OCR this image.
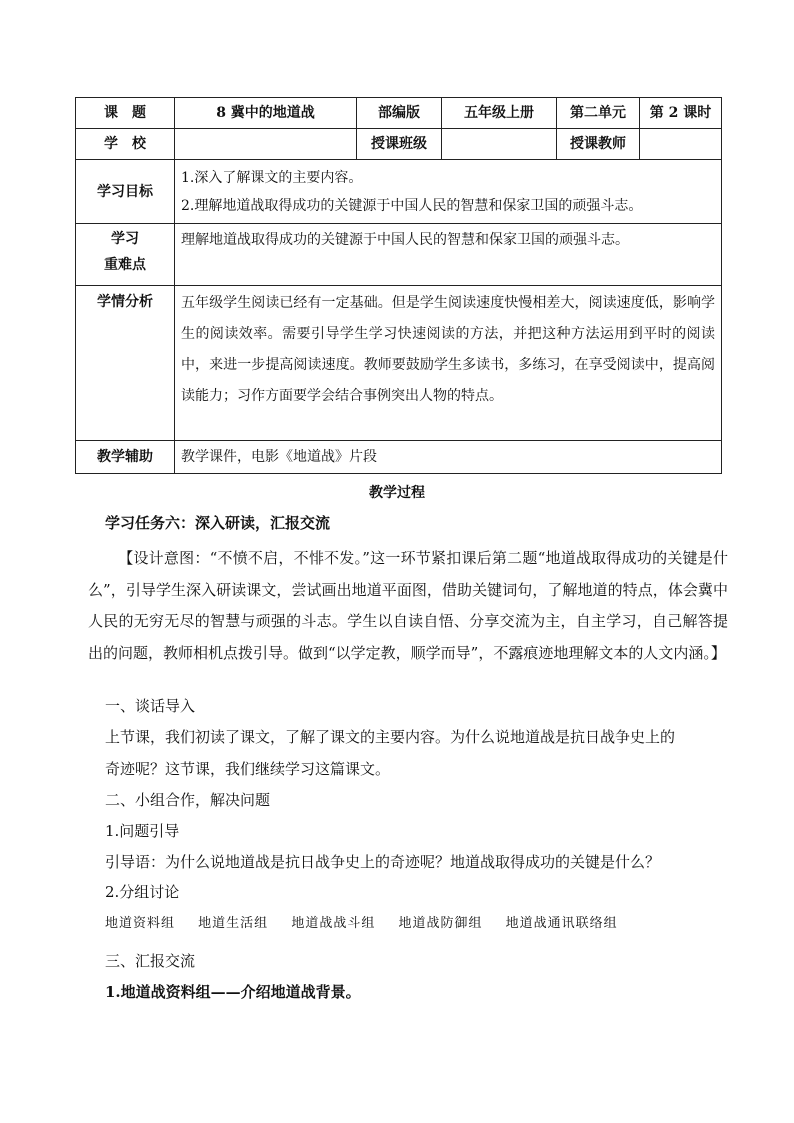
课　题	8 冀中的地道战	部编版	五年级上册	第二单元	第 2 课时
学　校		授课班级		授课教师	
学习目标	1.深入了解课文的主要内容。
2.理解地道战取得成功的关键源于中国人民的智慧和保家卫国的顽强斗志。				

学习
重难点	理解地道战取得成功的关键源于中国人民的智慧和保家卫国的顽强斗志。				
学情分析	五年级学生阅读已经有一定基础。但是学生阅读速度快慢相差大，阅读速度低，影响学生的阅读效率。需要引导学生学习快速阅读的方法，并把这种方法运用到平时的阅读中，来进一步提高阅读速度。教师要鼓励学生多读书，多练习，在享受阅读中，提高阅读能力；习作方面要学会结合事例突出人物的特点。				
教学辅助	教学课件，电影《地道战》片段				
教学过程
学习任务六：深入研读，汇报交流
【设计意图：“不愤不启，不悱不发。”这一环节紧扣课后第二题“地道战取得成功的关键是什么”，引导学生深入研读课文，尝试画出地道平面图，借助关键词句，了解地道的特点，体会冀中人民的无穷无尽的智慧与顽强的斗志。学生以自读自悟、分享交流为主，自主学习，自己解答提出的问题，教师相机点拨引导。做到“以学定教，顺学而导”，不露痕迹地理解文本的人文内涵。】
一、谈话导入
上节课，我们初读了课文，了解了课文的主要内容。为什么说地道战是抗日战争史上的
奇迹呢？这节课，我们继续学习这篇课文。
二、小组合作，解决问题
1.问题引导
引导语：为什么说地道战是抗日战争史上的奇迹呢？地道战取得成功的关键是什么？
2.分组讨论
地道资料组 地道生活组 地道战战斗组 地道战防御组 地道战通讯联络组
三、汇报交流
1.地道战资料组——介绍地道战背景。
